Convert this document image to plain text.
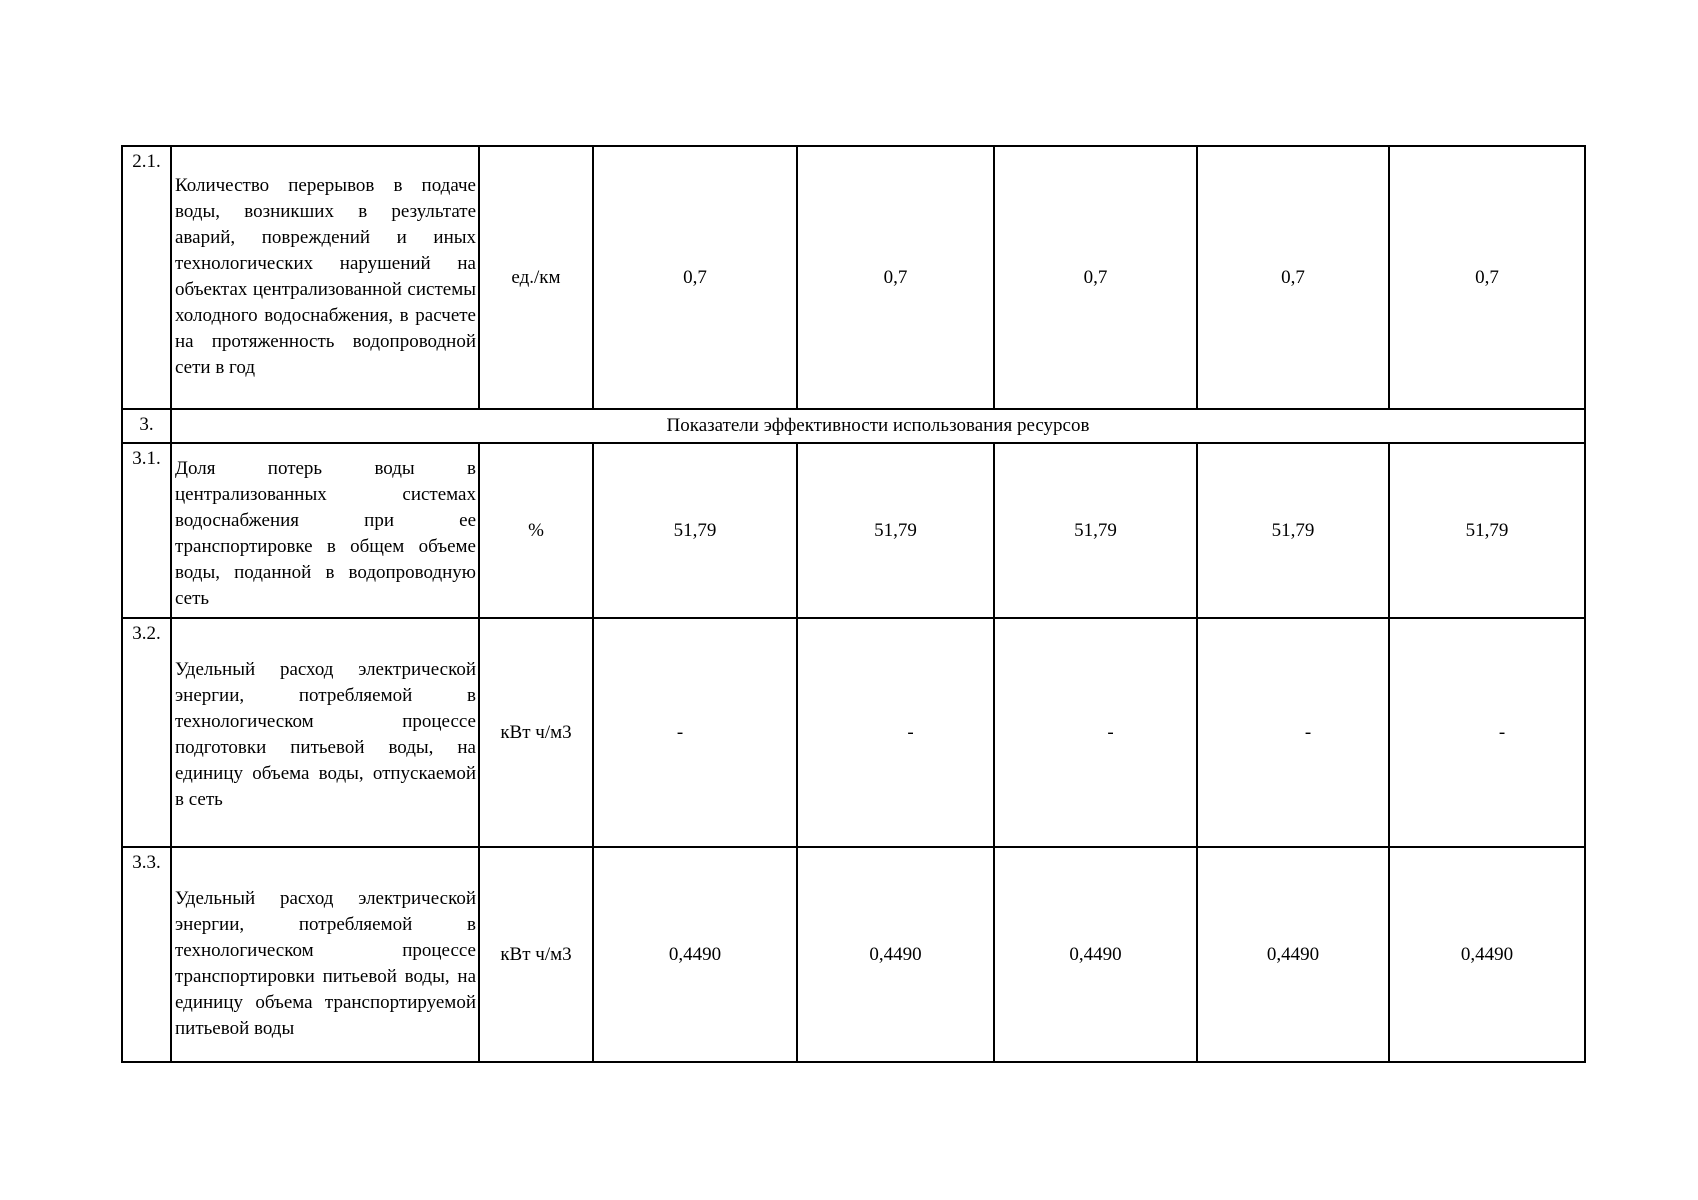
2.1.	Количество перерывов в подаче воды, возникших в результате аварий, повреждений и иных технологических нарушений на объектах централизованной системы холодного водоснабжения, в расчете на протяженность водопроводной сети в год	ед./км	0,7	0,7	0,7	0,7	0,7
3.	Показатели эффективности использования ресурсов						
3.1.	Доля потерь воды в централизованных системах водоснабжения при ее транспортировке в общем объеме воды, поданной в водопроводную сеть	%	51,79	51,79	51,79	51,79	51,79
3.2.	Удельный расход электрической энергии, потребляемой в технологическом процессе подготовки питьевой воды, на единицу объема воды, отпускаемой в сеть	кВт ч/м3	-	-	-	-	-
3.3.	Удельный расход электрической энергии, потребляемой в технологическом процессе транспортировки питьевой воды, на единицу объема транспортируемой питьевой воды	кВт ч/м3	0,4490	0,4490	0,4490	0,4490	0,4490
